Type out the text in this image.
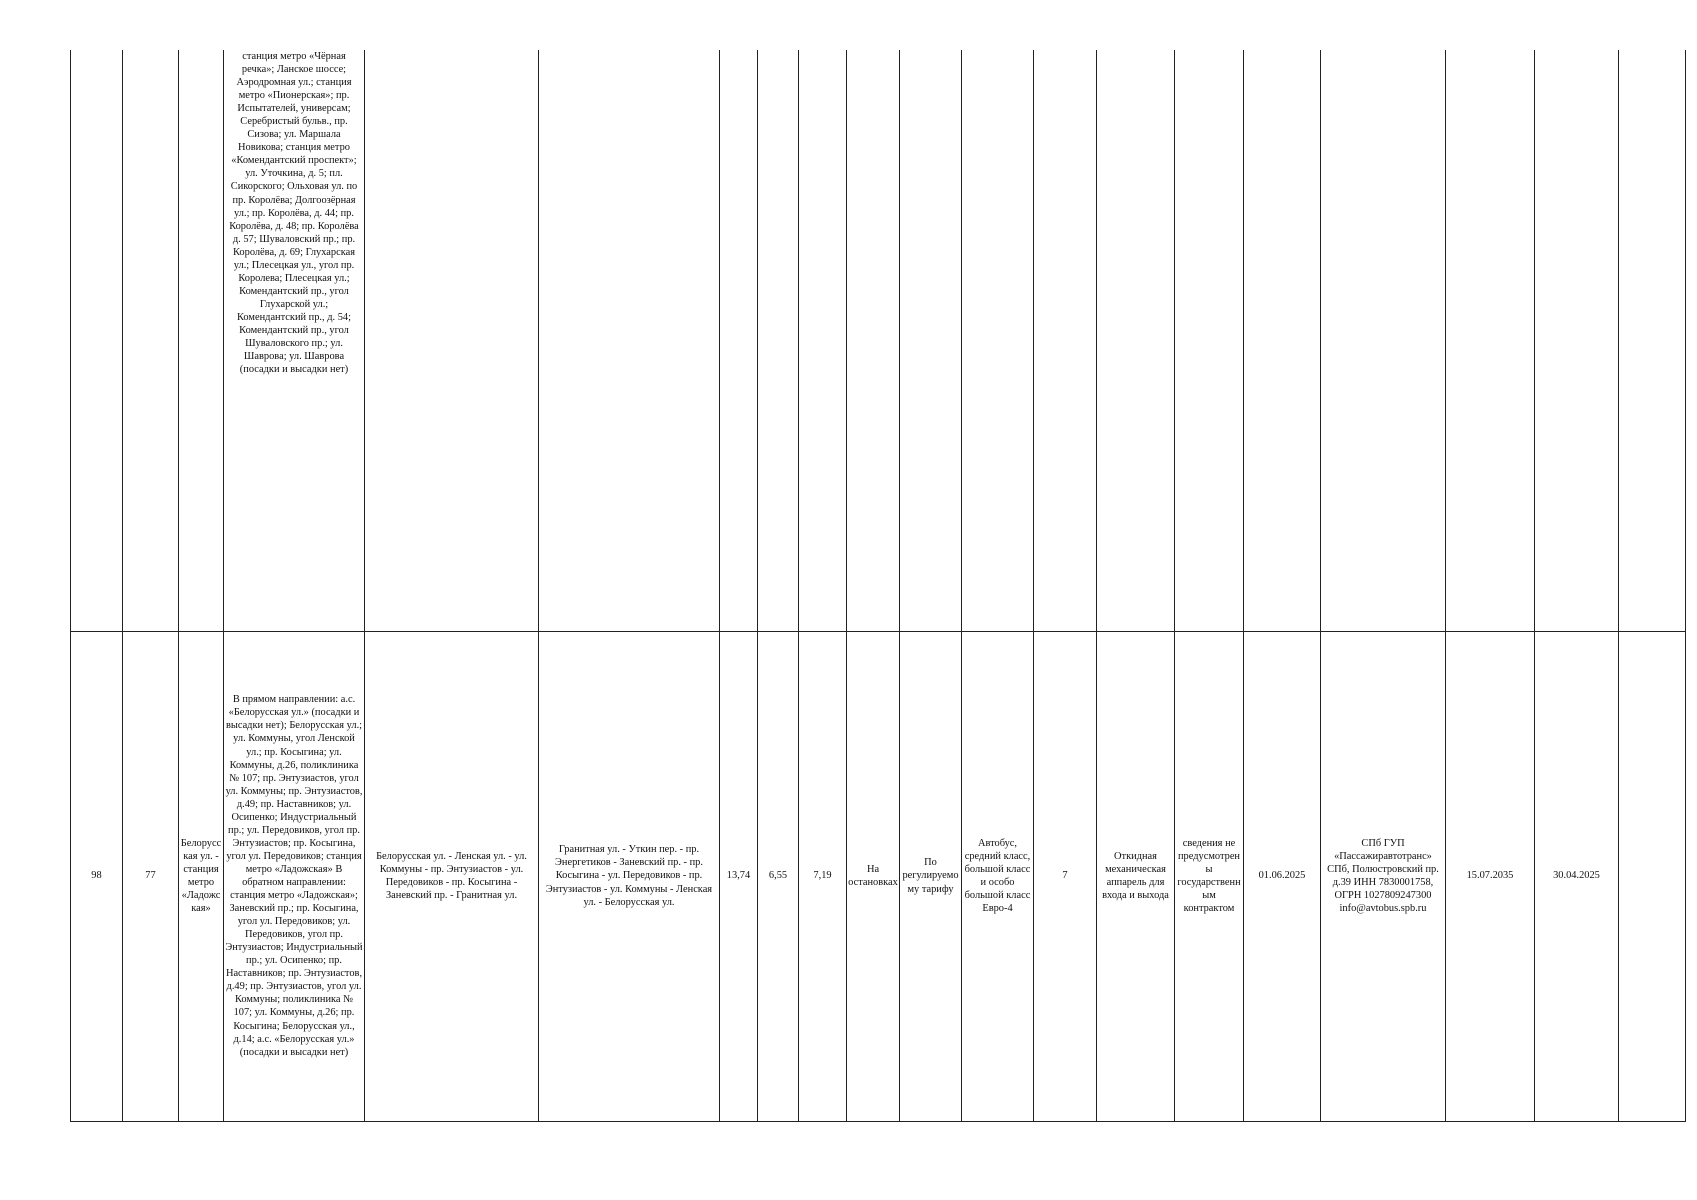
			станция метро «Чёрная речка»; Ланское шоссе; Аэродромная ул.; станция метро «Пионерская»; пр. Испытателей, универсам; Серебристый бульв., пр. Сизова; ул. Маршала Новикова; станция метро «Комендантский проспект»; ул. Уточкина, д. 5; пл. Сикорского; Ольховая ул. по пр. Королёва; Долгоозёрная ул.; пр. Королёва, д. 44; пр. Королёва, д. 48; пр. Королёва д. 57; Шуваловский пр.; пр. Королёва, д. 69; Глухарская ул.; Плесецкая ул., угол пр. Королева; Плесецкая ул.; Комендантский пр., угол Глухарской ул.; Комендантский пр., д. 54; Комендантский пр., угол Шуваловского пр.; ул. Шаврова; ул. Шаврова (посадки и высадки нет)																
98	77	Белорусская ул. - станция метро «Ладожская»	В прямом направлении: а.с. «Белорусская ул.» (посадки и высадки нет); Белорусская ул.; ул. Коммуны, угол Ленской ул.; пр. Косыгина; ул. Коммуны, д.26, поликлиника № 107; пр. Энтузиастов, угол ул. Коммуны; пр. Энтузиастов, д.49; пр. Наставников; ул. Осипенко; Индустриальный пр.; ул. Передовиков, угол пр. Энтузиастов; пр. Косыгина, угол ул. Передовиков; станция метро «Ладожская» В обратном направлении: станция метро «Ладожская»; Заневский пр.; пр. Косыгина, угол ул. Передовиков; ул. Передовиков, угол пр. Энтузиастов; Индустриальный пр.; ул. Осипенко; пр. Наставников; пр. Энтузиастов, д.49; пр. Энтузиастов, угол ул. Коммуны; поликлиника № 107; ул. Коммуны, д.26; пр. Косыгина; Белорусская ул., д.14; а.с. «Белорусская ул.» (посадки и высадки нет)	Белорусская ул. - Ленская ул. - ул. Коммуны - пр. Энтузиастов - ул. Передовиков - пр. Косыгина - Заневский пр. - Гранитная ул.	Гранитная ул. - Уткин пер. - пр. Энергетиков - Заневский пр. - пр. Косыгина - ул. Передовиков - пр. Энтузиастов - ул. Коммуны - Ленская ул. - Белорусская ул.	13,74	6,55	7,19	На остановках	По регулируемому тарифу	Автобус, средний класс, большой класс и особо большой класс Евро-4	7	Откидная механическая аппарель для входа и выхода	сведения не предусмотрены государственным контрактом	01.06.2025	СПб ГУП «Пассажиравтотранс» СПб, Полюстровский пр. д.39 ИНН 7830001758, ОГРН 1027809247300 info@avtobus.spb.ru	15.07.2035	30.04.2025	
